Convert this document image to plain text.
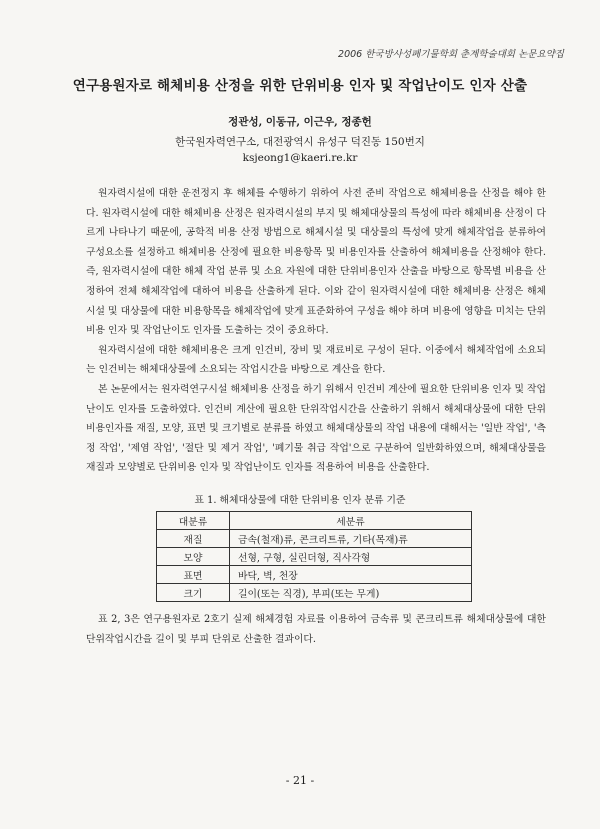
2006 한국방사성폐기물학회 춘계학술대회 논문요약집
연구용원자로 해체비용 산정을 위한 단위비용 인자 및 작업난이도 인자 산출
정관성, 이동규, 이근우, 정종헌
한국원자력연구소, 대전광역시 유성구 덕진동 150번지
ksjeong1@kaeri.re.kr

원자력시설에 대한 운전정지 후 해체를 수행하기 위하여 사전 준비 작업으로 해체비용을 산정을 해야 한다. 원자력시설에 대한 해체비용 산정은 원자력시설의 부지 및 해체대상물의 특성에 따라 해체비용 산정이 다르게 나타나기 때문에, 공학적 비용 산정 방법으로 해체시설 및 대상물의 특성에 맞게 해체작업을 분류하여 구성요소를 설정하고 해체비용 산정에 필요한 비용항목 및 비용인자를 산출하여 해체비용을 산정해야 한다. 즉, 원자력시설에 대한 해체 작업 분류 및 소요 자원에 대한 단위비용인자 산출을 바탕으로 항목별 비용을 산정하여 전체 해체작업에 대하여 비용을 산출하게 된다. 이와 같이 원자력시설에 대한 해체비용 산정은 해체 시설 및 대상물에 대한 비용항목을 해체작업에 맞게 표준화하여 구성을 해야 하며 비용에 영향을 미치는 단위비용 인자 및 작업난이도 인자를 도출하는 것이 중요하다.

원자력시설에 대한 해체비용은 크게 인건비, 장비 및 재료비로 구성이 된다. 이중에서 해체작업에 소요되는 인건비는 해체대상물에 소요되는 작업시간을 바탕으로 계산을 한다.

본 논문에서는 원자력연구시설 해체비용 산정을 하기 위해서 인건비 계산에 필요한 단위비용 인자 및 작업난이도 인자를 도출하였다. 인건비 계산에 필요한 단위작업시간을 산출하기 위해서 해체대상물에 대한 단위비용인자를 재질, 모양, 표면 및 크기별로 분류를 하였고 해체대상물의 작업 내용에 대해서는 '일반 작업', '측정 작업', '제염 작업', '절단 및 제거 작업', '폐기물 취급 작업'으로 구분하여 일반화하였으며, 해체대상물을 재질과 모양별로 단위비용 인자 및 작업난이도 인자를 적용하여 비용을 산출한다.

표 1. 해체대상물에 대한 단위비용 인자 분류 기준
대분류	세분류
재질	금속(철재)류, 콘크리트류, 기타(목재)류
모양	선형, 구형, 실린더형, 직사각형
표면	바닥, 벽, 천장
크기	길이(또는 직경), 부피(또는 무게)

표 2, 3은 연구용원자로 2호기 실제 해체경험 자료를 이용하여 금속류 및 콘크리트류 해체대상물에 대한 단위작업시간을 길이 및 부피 단위로 산출한 결과이다.

- 21 -
